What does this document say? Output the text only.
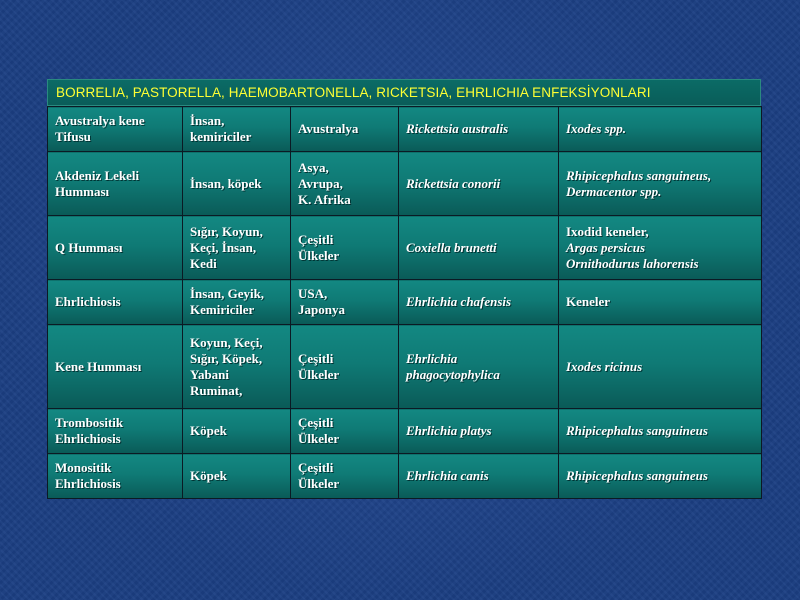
BORRELIA, PASTORELLA, HAEMOBARTONELLA, RICKETSIA, EHRLICHIA ENFEKSİYONLARI
Avustralya kene
Tifusu	İnsan,
kemiriciler	Avustralya	Rickettsia australis	Ixodes spp.

Akdeniz Lekeli
Humması	İnsan, köpek	Asya,
Avrupa,
K. Afrika	Rickettsia conorii	Rhipicephalus sanguineus,
Dermacentor spp.

Q Humması	Sığır, Koyun,
Keçi, İnsan,
Kedi	Çeşitli
Ülkeler	Coxiella brunetti	Ixodid keneler,
Argas persicus
Ornithodurus lahorensis

Ehrlichiosis	İnsan, Geyik,
Kemiriciler	USA,
Japonya	Ehrlichia chafensis	Keneler

Kene Humması	Koyun, Keçi,
Sığır, Köpek,
Yabani
Ruminat,	Çeşitli
Ülkeler	Ehrlichia
phagocytophylica	Ixodes ricinus

Trombositik
Ehrlichiosis	Köpek	Çeşitli
Ülkeler	Ehrlichia platys	Rhipicephalus sanguineus

Monositik
Ehrlichiosis	Köpek	Çeşitli
Ülkeler	Ehrlichia canis	Rhipicephalus sanguineus
